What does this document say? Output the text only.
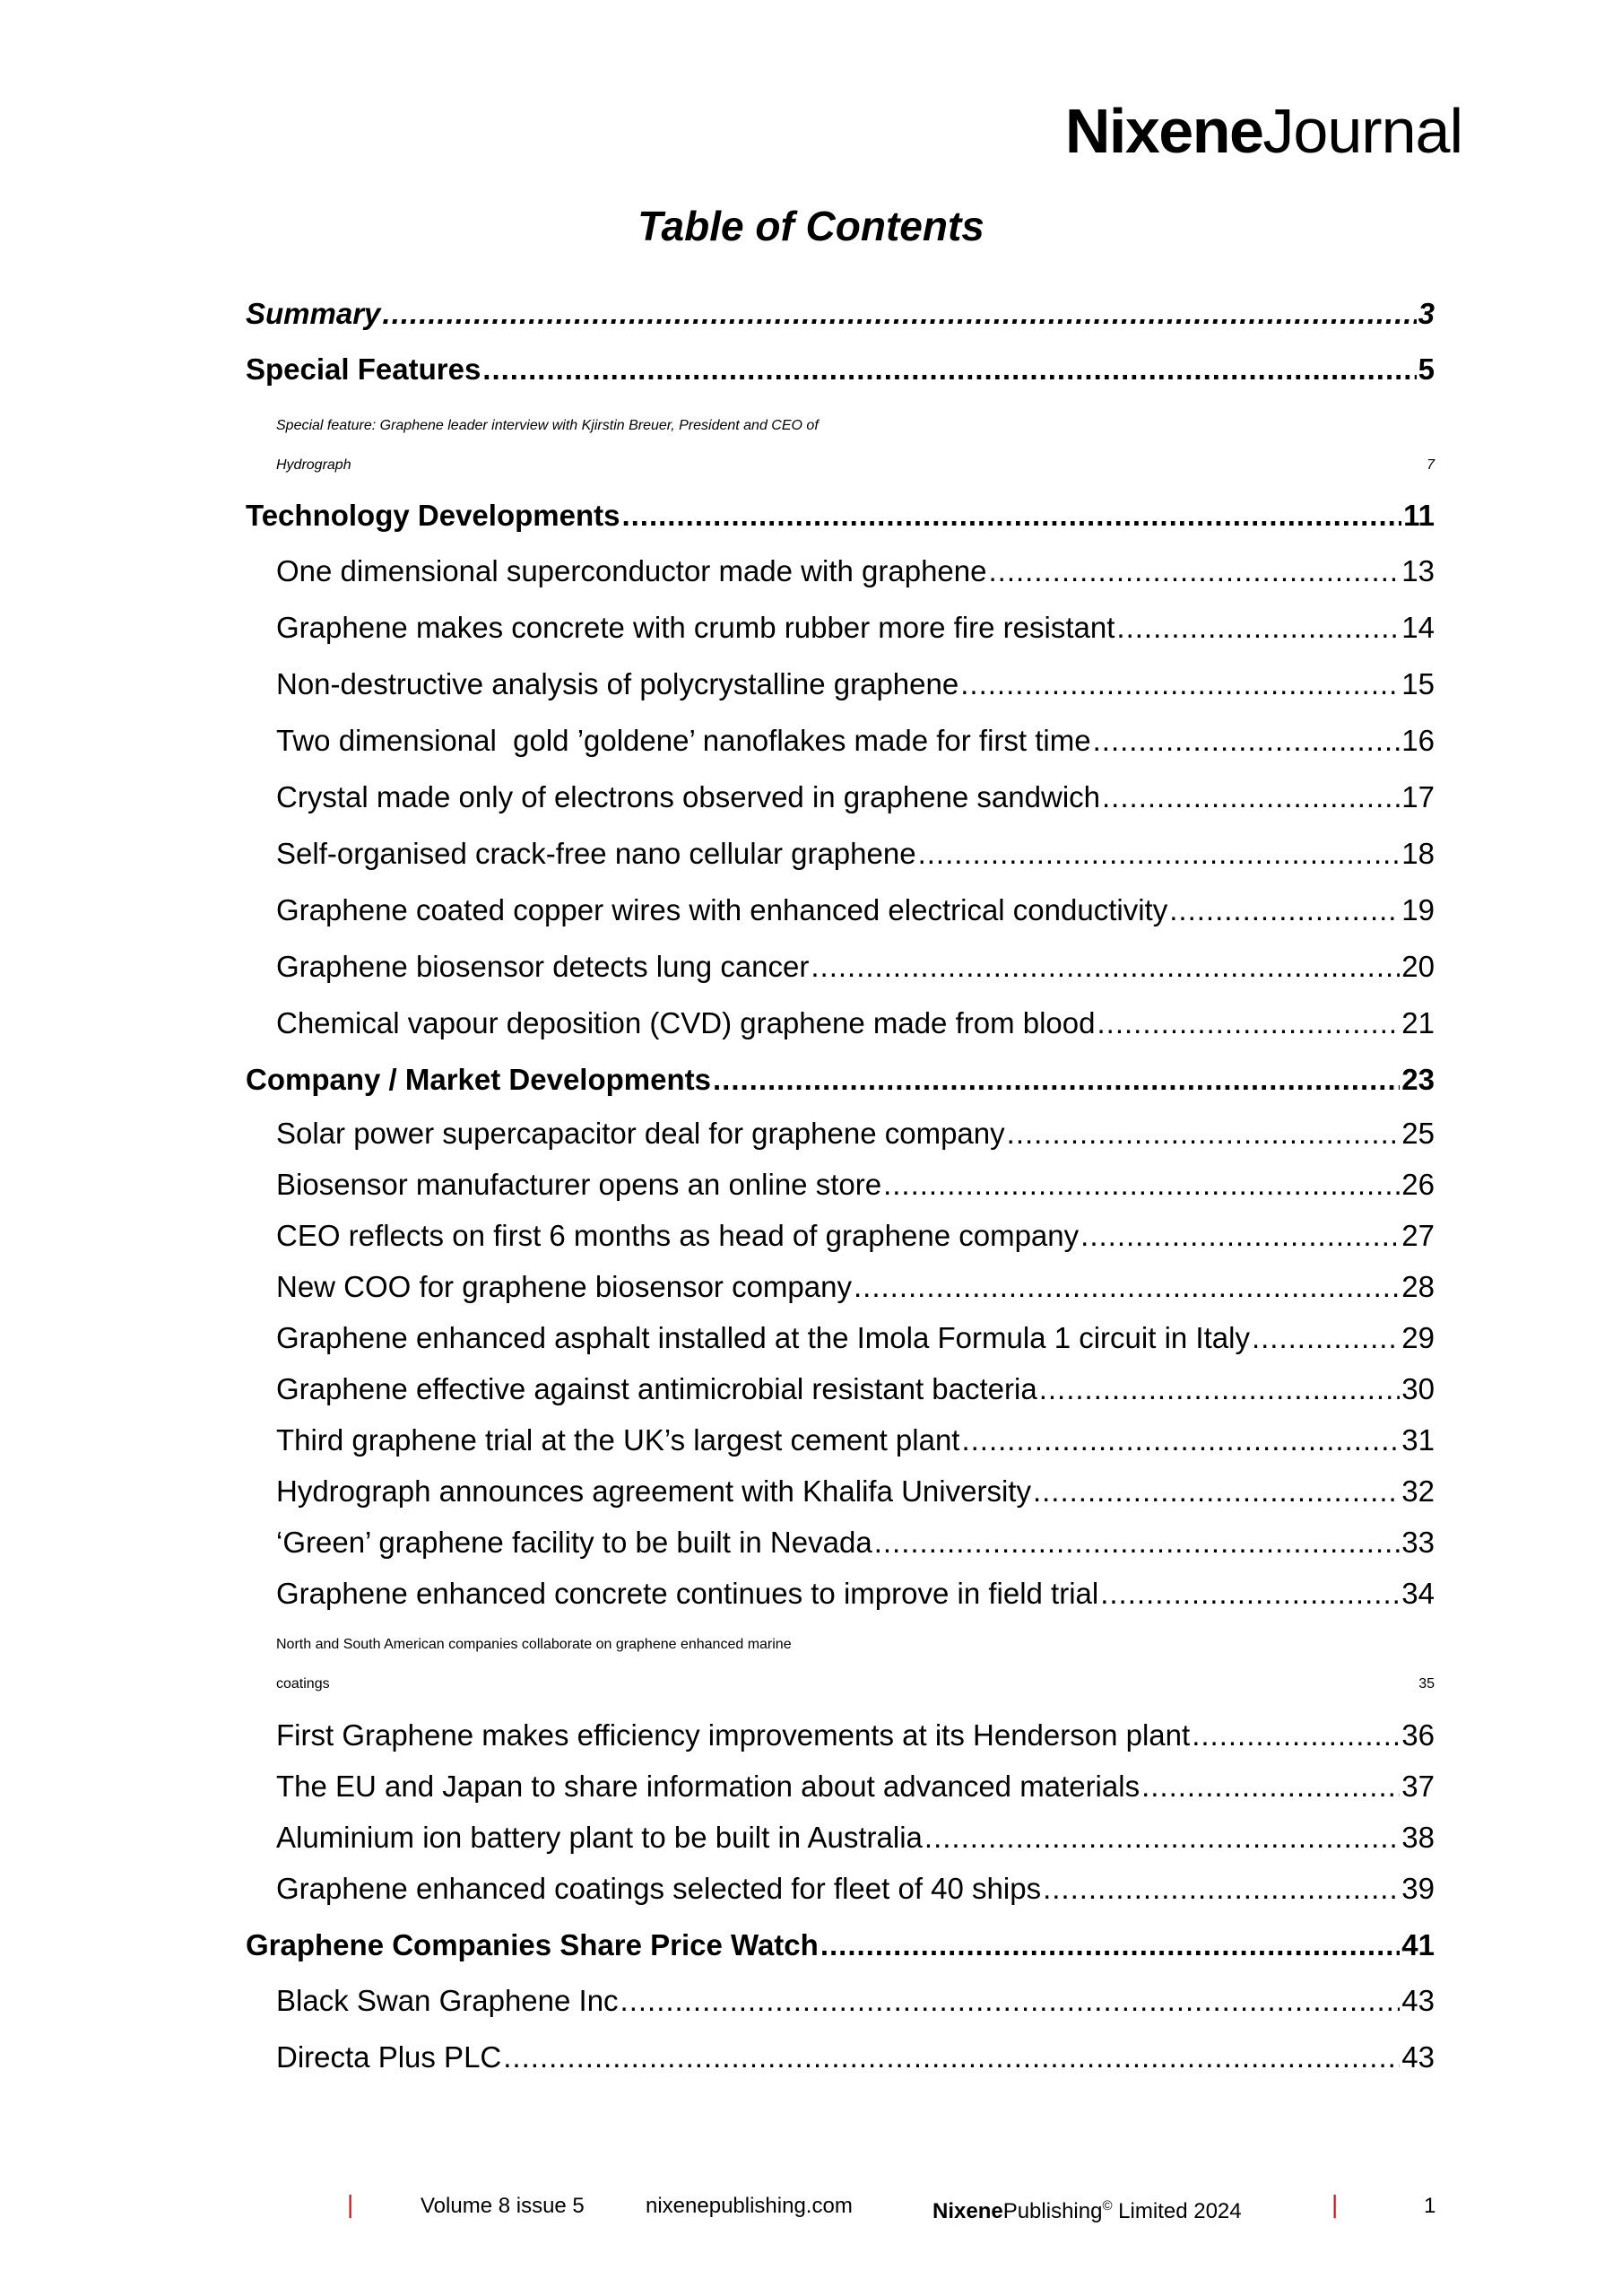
NixeneJournal
Table of Contents
Summary .....	3
Special Features .....	5
Special feature: Graphene leader interview with Kjirstin Breuer, President and CEO of
Hydrograph	7
Technology Developments .....	11
One dimensional superconductor made with graphene .....	13
Graphene makes concrete with crumb rubber more fire resistant .....	14
Non-destructive analysis of polycrystalline graphene .....	15
Two dimensional  gold ’goldene’ nanoflakes made for first time .....	16
Crystal made only of electrons observed in graphene sandwich .....	17
Self-organised crack-free nano cellular graphene .....	18
Graphene coated copper wires with enhanced electrical conductivity .....	19
Graphene biosensor detects lung cancer .....	20
Chemical vapour deposition (CVD) graphene made from blood .....	21
Company / Market Developments .....	23
Solar power supercapacitor deal for graphene company .....	25
Biosensor manufacturer opens an online store .....	26
CEO reflects on first 6 months as head of graphene company .....	27
New COO for graphene biosensor company .....	28
Graphene enhanced asphalt installed at the Imola Formula 1 circuit in Italy .....	29
Graphene effective against antimicrobial resistant bacteria .....	30
Third graphene trial at the UK’s largest cement plant .....	31
Hydrograph announces agreement with Khalifa University .....	32
‘Green’ graphene facility to be built in Nevada .....	33
Graphene enhanced concrete continues to improve in field trial .....	34
North and South American companies collaborate on graphene enhanced marine
coatings	35
First Graphene makes efficiency improvements at its Henderson plant .....	36
The EU and Japan to share information about advanced materials .....	37
Aluminium ion battery plant to be built in Australia .....	38
Graphene enhanced coatings selected for fleet of 40 ships .....	39
Graphene Companies Share Price Watch .....	41
Black Swan Graphene Inc .....	43
Directa Plus PLC .....	43
|	Volume 8 issue 5	nixenepublishing.com	NixenePublishing© Limited 2024	|	1
